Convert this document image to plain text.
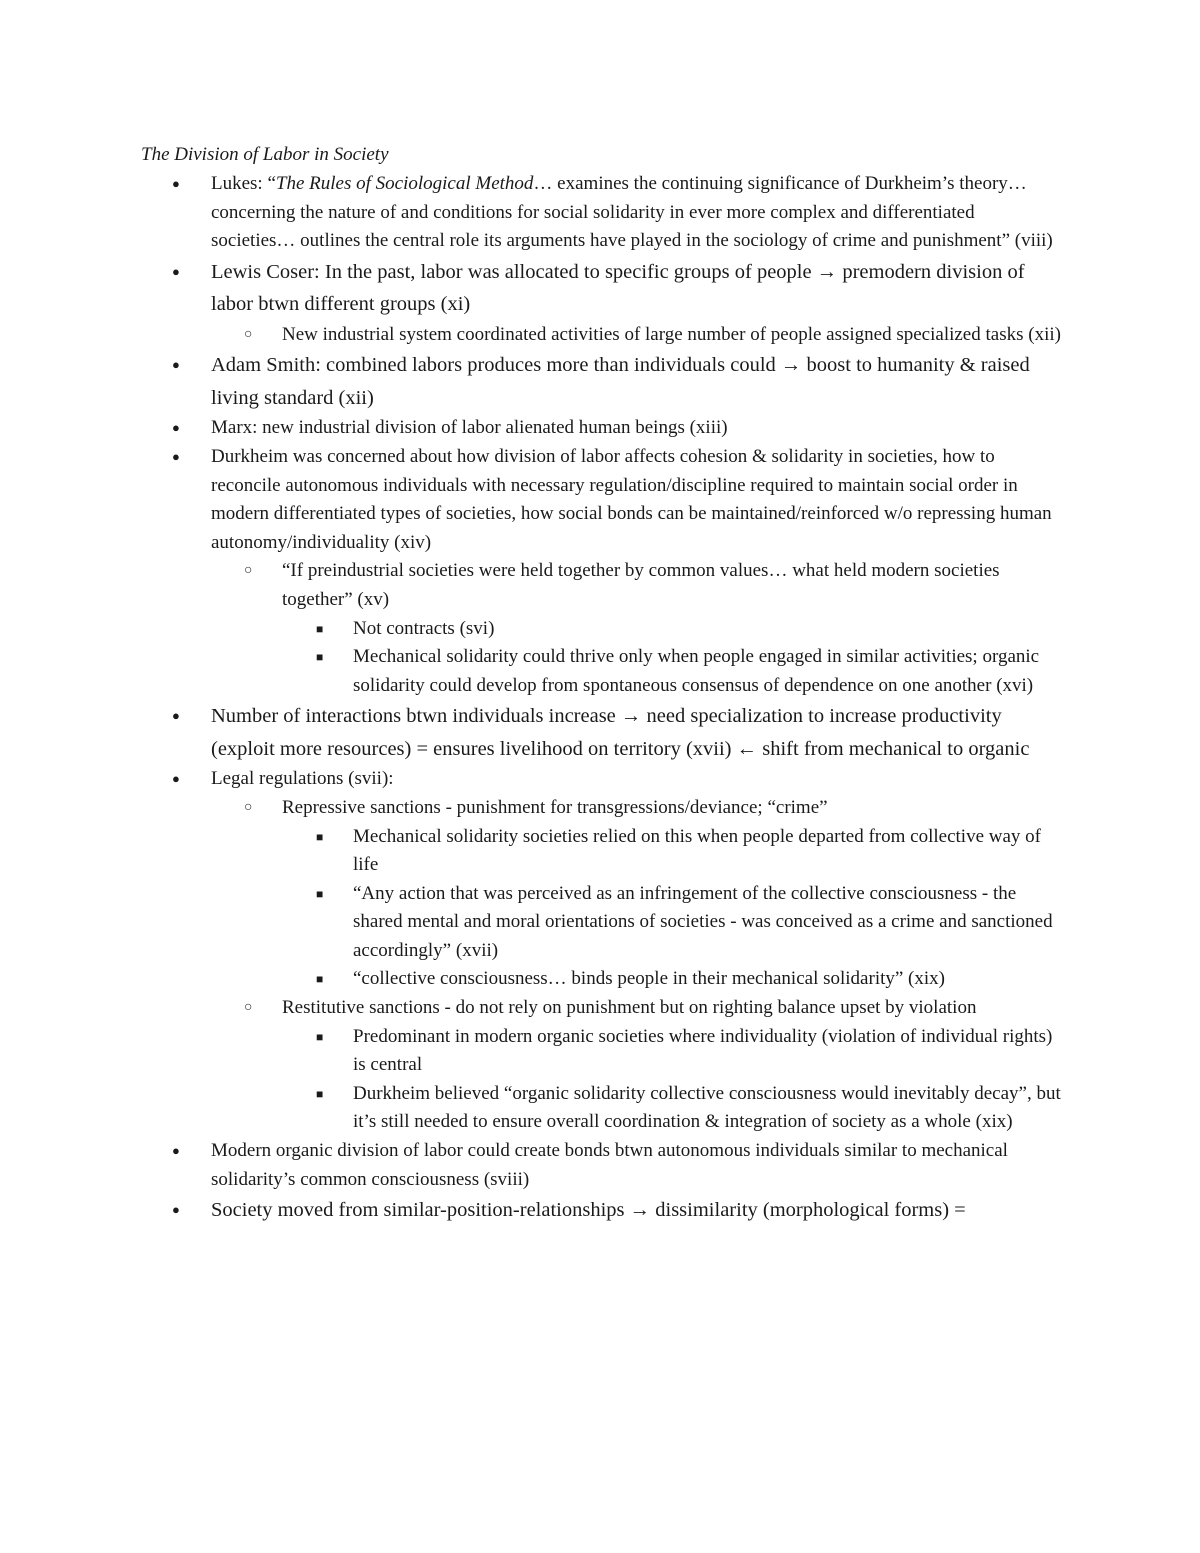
The Division of Labor in Society
● Lukes: “The Rules of Sociological Method… examines the continuing significance of Durkheim’s theory… concerning the nature of and conditions for social solidarity in ever more complex and differentiated societies… outlines the central role its arguments have played in the sociology of crime and punishment” (viii)
● Lewis Coser: In the past, labor was allocated to specific groups of people → premodern division of labor btwn different groups (xi)
○ New industrial system coordinated activities of large number of people assigned specialized tasks (xii)
● Adam Smith: combined labors produces more than individuals could → boost to humanity & raised living standard (xii)
● Marx: new industrial division of labor alienated human beings (xiii)
● Durkheim was concerned about how division of labor affects cohesion & solidarity in societies, how to reconcile autonomous individuals with necessary regulation/discipline required to maintain social order in modern differentiated types of societies, how social bonds can be maintained/reinforced w/o repressing human autonomy/individuality (xiv)
○ “If preindustrial societies were held together by common values… what held modern societies together” (xv)
■ Not contracts (svi)
■ Mechanical solidarity could thrive only when people engaged in similar activities; organic solidarity could develop from spontaneous consensus of dependence on one another (xvi)
● Number of interactions btwn individuals increase → need specialization to increase productivity (exploit more resources) = ensures livelihood on territory (xvii) ← shift from mechanical to organic
● Legal regulations (svii):
○ Repressive sanctions - punishment for transgressions/deviance; “crime”
■ Mechanical solidarity societies relied on this when people departed from collective way of life
■ “Any action that was perceived as an infringement of the collective consciousness - the shared mental and moral orientations of societies - was conceived as a crime and sanctioned accordingly” (xvii)
■ “collective consciousness… binds people in their mechanical solidarity” (xix)
○ Restitutive sanctions - do not rely on punishment but on righting balance upset by violation
■ Predominant in modern organic societies where individuality (violation of individual rights) is central
■ Durkheim believed “organic solidarity collective consciousness would inevitably decay”, but it’s still needed to ensure overall coordination & integration of society as a whole (xix)
● Modern organic division of labor could create bonds btwn autonomous individuals similar to mechanical solidarity’s common consciousness (sviii)
● Society moved from similar-position-relationships → dissimilarity (morphological forms) =
